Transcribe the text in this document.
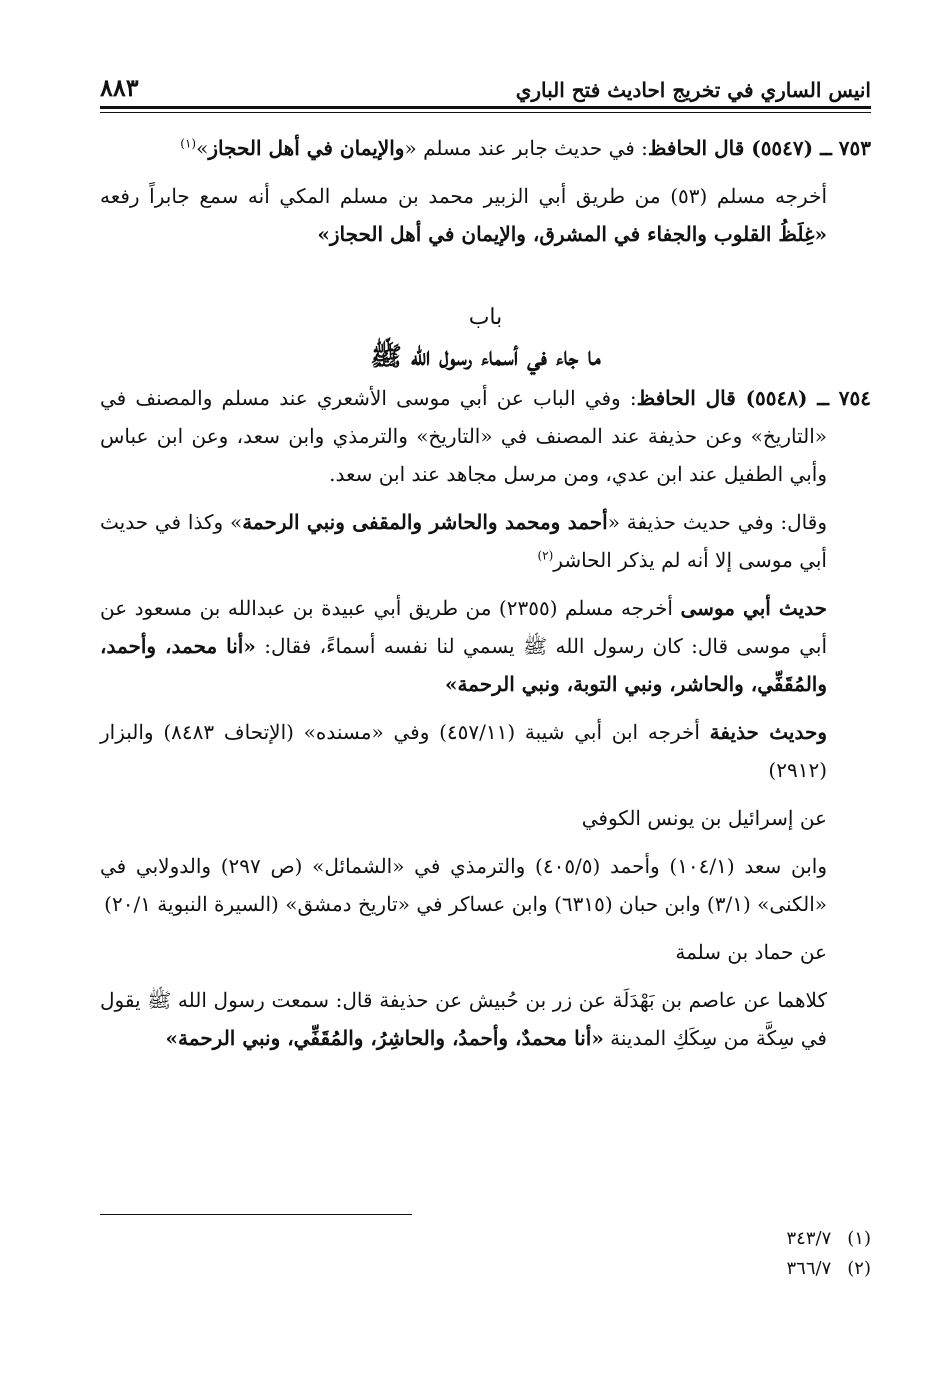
انيس الساري في تخريج احاديث فتح الباري
٨٨٣

٧٥٣ ــ (٥٥٤٧) قال الحافظ: في حديث جابر عند مسلم «والإيمان في أهل الحجاز»$^{(١)}$

أخرجه مسلم (٥٣) من طريق أبي الزبير محمد بن مسلم المكي أنه سمع جابراً رفعه «غِلَظُ القلوب والجفاء في المشرق، والإيمان في أهل الحجاز»

باب

ما جاء في أسماء رسول الله ﷺ

٧٥٤ ــ (٥٥٤٨) قال الحافظ: وفي الباب عن أبي موسى الأشعري عند مسلم والمصنف في «التاريخ» وعن حذيفة عند المصنف في «التاريخ» والترمذي وابن سعد، وعن ابن عباس وأبي الطفيل عند ابن عدي، ومن مرسل مجاهد عند ابن سعد.

وقال: وفي حديث حذيفة «أحمد ومحمد والحاشر والمقفى ونبي الرحمة» وكذا في حديث أبي موسى إلا أنه لم يذكر الحاشر$^{(٢)}$

حديث أبي موسى أخرجه مسلم (٢٣٥٥) من طريق أبي عبيدة بن عبدالله بن مسعود عن أبي موسى قال: كان رسول الله ﷺ يسمي لنا نفسه أسماءً، فقال: «أنا محمد، وأحمد، والمُقَفِّي، والحاشر، ونبي التوبة، ونبي الرحمة»

وحديث حذيفة أخرجه ابن أبي شيبة (٤٥٧/١١) وفي «مسنده» (الإتحاف ٨٤٨٣) والبزار (٢٩١٢)

عن إسرائيل بن يونس الكوفي

وابن سعد (١٠٤/١) وأحمد (٤٠٥/٥) والترمذي في «الشمائل» (ص ٢٩٧) والدولابي في «الكنى» (٣/١) وابن حبان (٦٣١٥) وابن عساكر في «تاريخ دمشق» (السيرة النبوية ٢٠/١)

عن حماد بن سلمة

كلاهما عن عاصم بن بَهْدَلَة عن زر بن حُبيش عن حذيفة قال: سمعت رسول الله ﷺ يقول في سِكَّة من سِكَكِ المدينة «أنا محمدٌ، وأحمدُ، والحاشِرُ، والمُقَفِّي، ونبي الرحمة»

(١)
٣٤٣/٧
(٢)
٣٦٦/٧
